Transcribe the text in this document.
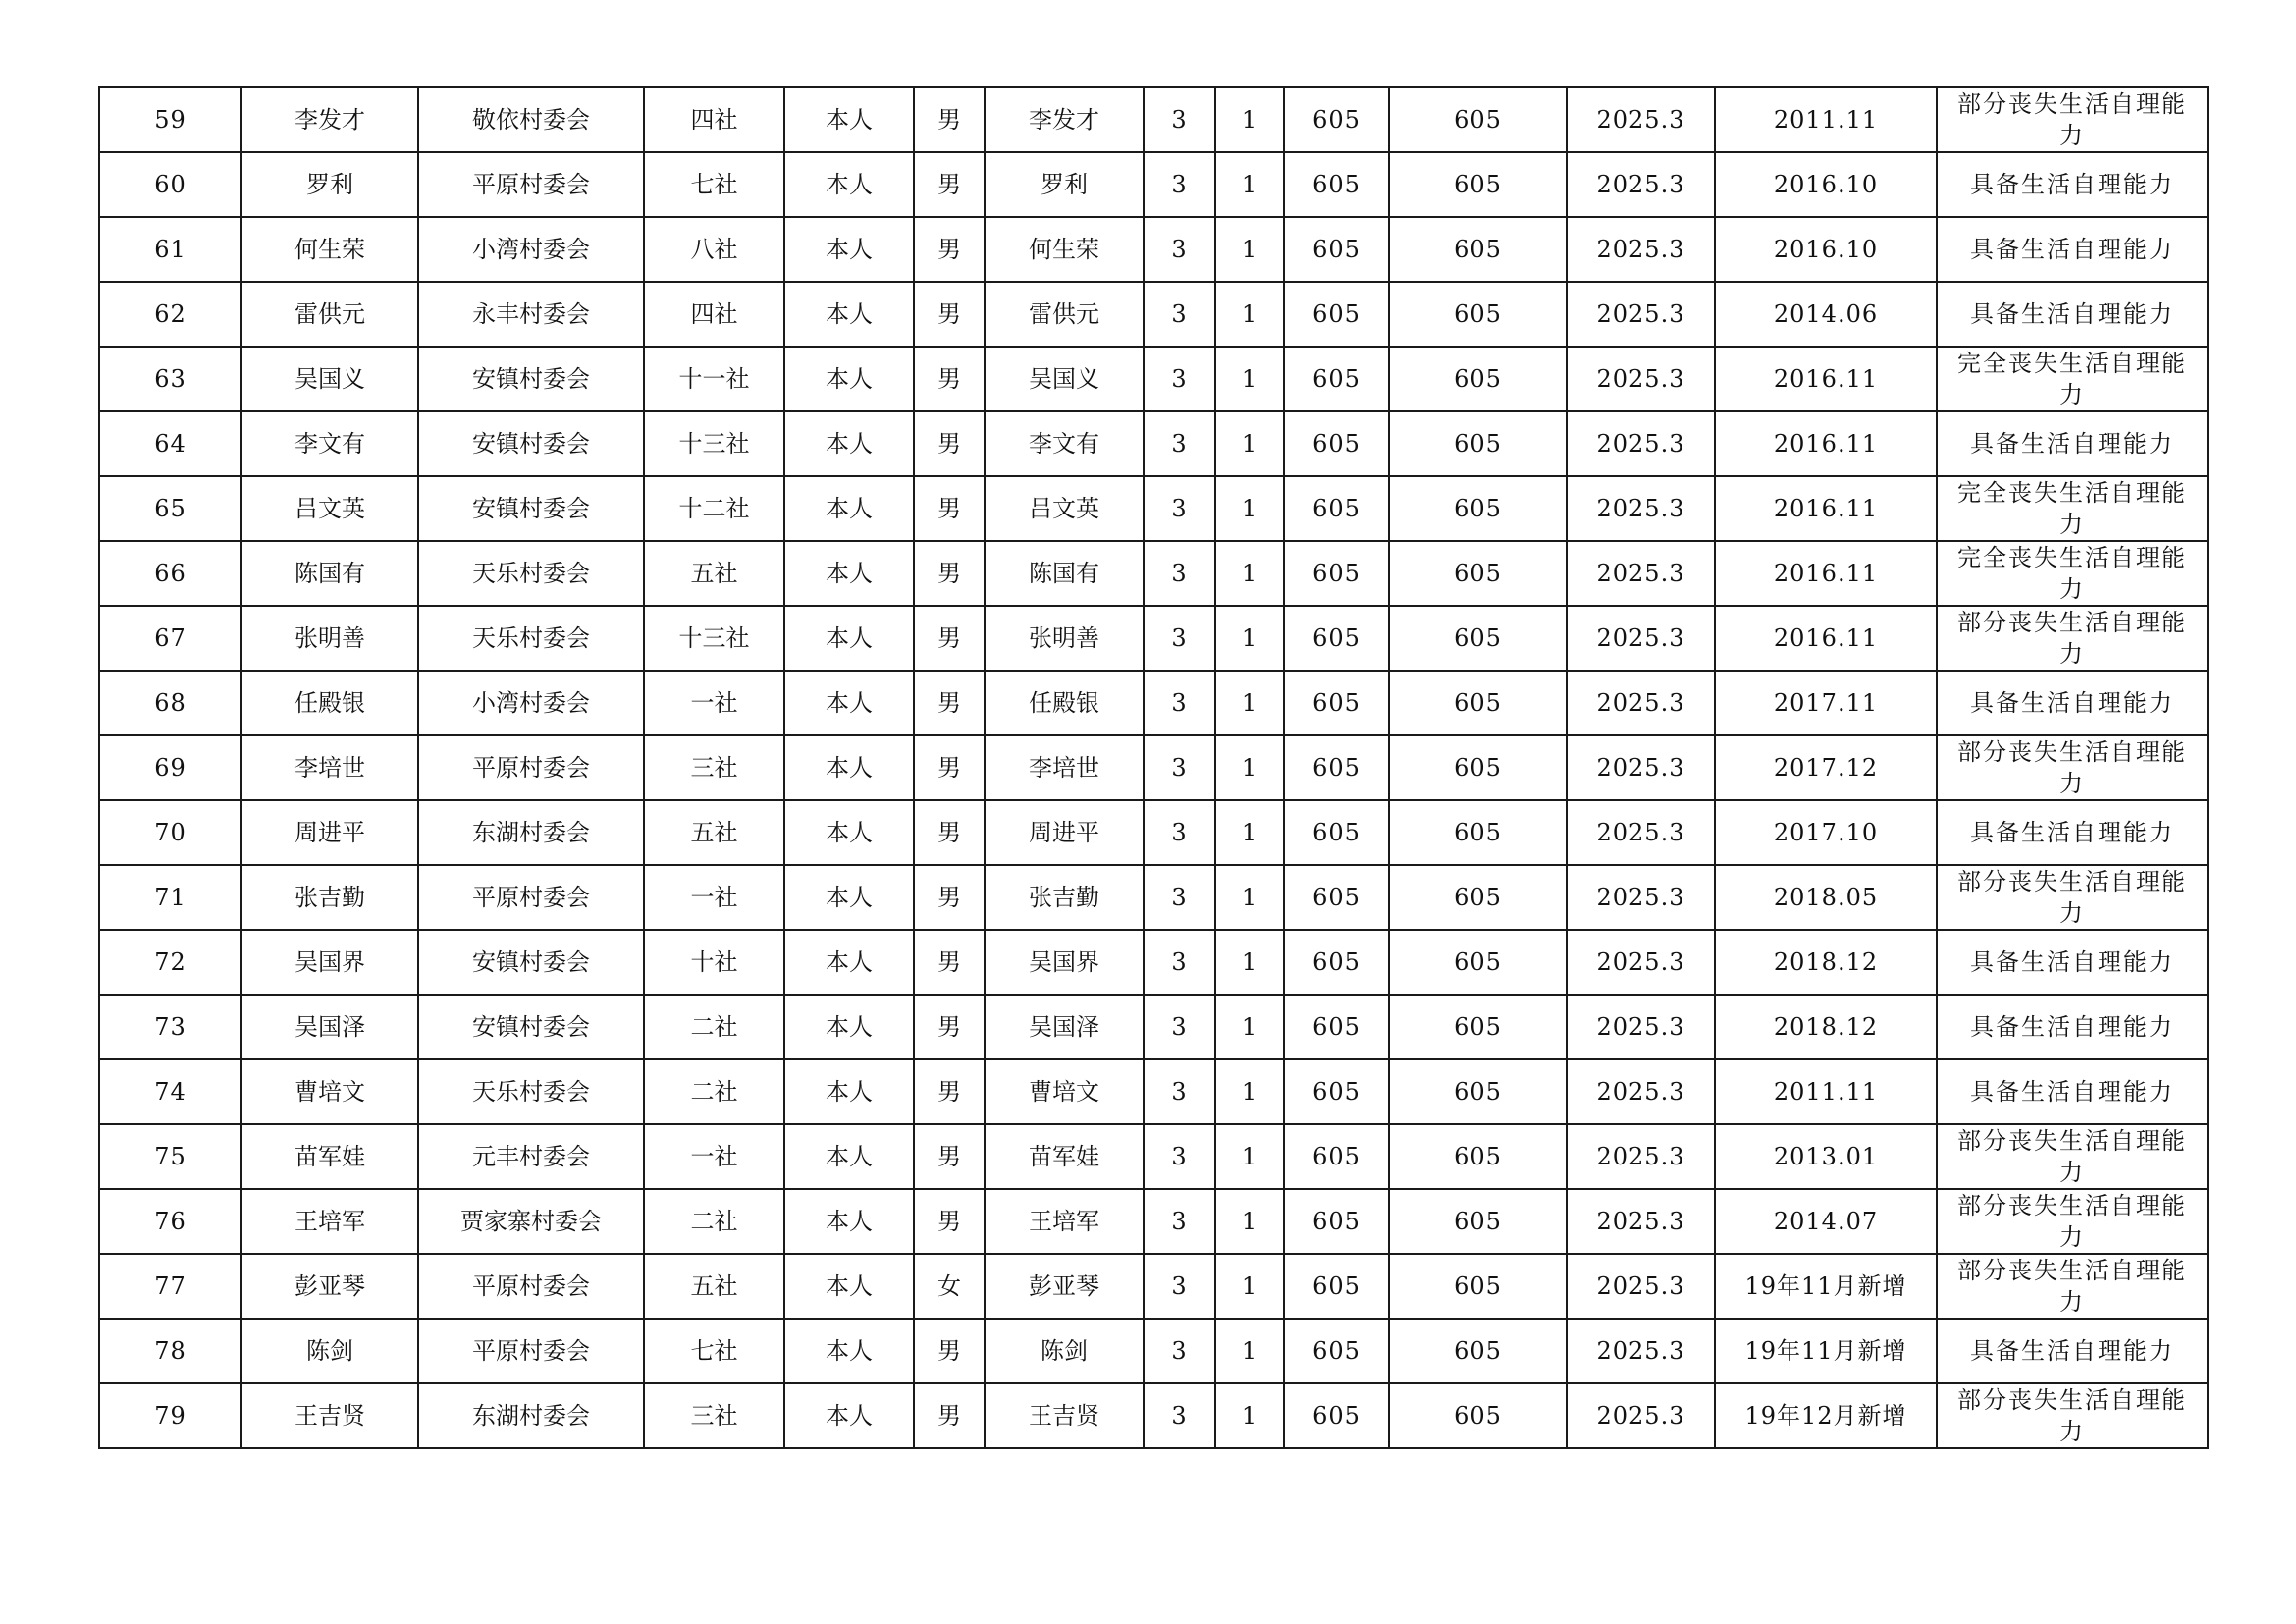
59	李发才	敬依村委会	四社	本人	男	李发才	3	1	605	605	2025.3	2011.11	部分丧失生活自理能力
60	罗利	平原村委会	七社	本人	男	罗利	3	1	605	605	2025.3	2016.10	具备生活自理能力
61	何生荣	小湾村委会	八社	本人	男	何生荣	3	1	605	605	2025.3	2016.10	具备生活自理能力
62	雷供元	永丰村委会	四社	本人	男	雷供元	3	1	605	605	2025.3	2014.06	具备生活自理能力
63	吴国义	安镇村委会	十一社	本人	男	吴国义	3	1	605	605	2025.3	2016.11	完全丧失生活自理能力
64	李文有	安镇村委会	十三社	本人	男	李文有	3	1	605	605	2025.3	2016.11	具备生活自理能力
65	吕文英	安镇村委会	十二社	本人	男	吕文英	3	1	605	605	2025.3	2016.11	完全丧失生活自理能力
66	陈国有	天乐村委会	五社	本人	男	陈国有	3	1	605	605	2025.3	2016.11	完全丧失生活自理能力
67	张明善	天乐村委会	十三社	本人	男	张明善	3	1	605	605	2025.3	2016.11	部分丧失生活自理能力
68	任殿银	小湾村委会	一社	本人	男	任殿银	3	1	605	605	2025.3	2017.11	具备生活自理能力
69	李培世	平原村委会	三社	本人	男	李培世	3	1	605	605	2025.3	2017.12	部分丧失生活自理能力
70	周进平	东湖村委会	五社	本人	男	周进平	3	1	605	605	2025.3	2017.10	具备生活自理能力
71	张吉勤	平原村委会	一社	本人	男	张吉勤	3	1	605	605	2025.3	2018.05	部分丧失生活自理能力
72	吴国界	安镇村委会	十社	本人	男	吴国界	3	1	605	605	2025.3	2018.12	具备生活自理能力
73	吴国泽	安镇村委会	二社	本人	男	吴国泽	3	1	605	605	2025.3	2018.12	具备生活自理能力
74	曹培文	天乐村委会	二社	本人	男	曹培文	3	1	605	605	2025.3	2011.11	具备生活自理能力
75	苗军娃	元丰村委会	一社	本人	男	苗军娃	3	1	605	605	2025.3	2013.01	部分丧失生活自理能力
76	王培军	贾家寨村委会	二社	本人	男	王培军	3	1	605	605	2025.3	2014.07	部分丧失生活自理能力
77	彭亚琴	平原村委会	五社	本人	女	彭亚琴	3	1	605	605	2025.3	19年11月新增	部分丧失生活自理能力
78	陈剑	平原村委会	七社	本人	男	陈剑	3	1	605	605	2025.3	19年11月新增	具备生活自理能力
79	王吉贤	东湖村委会	三社	本人	男	王吉贤	3	1	605	605	2025.3	19年12月新增	部分丧失生活自理能力
